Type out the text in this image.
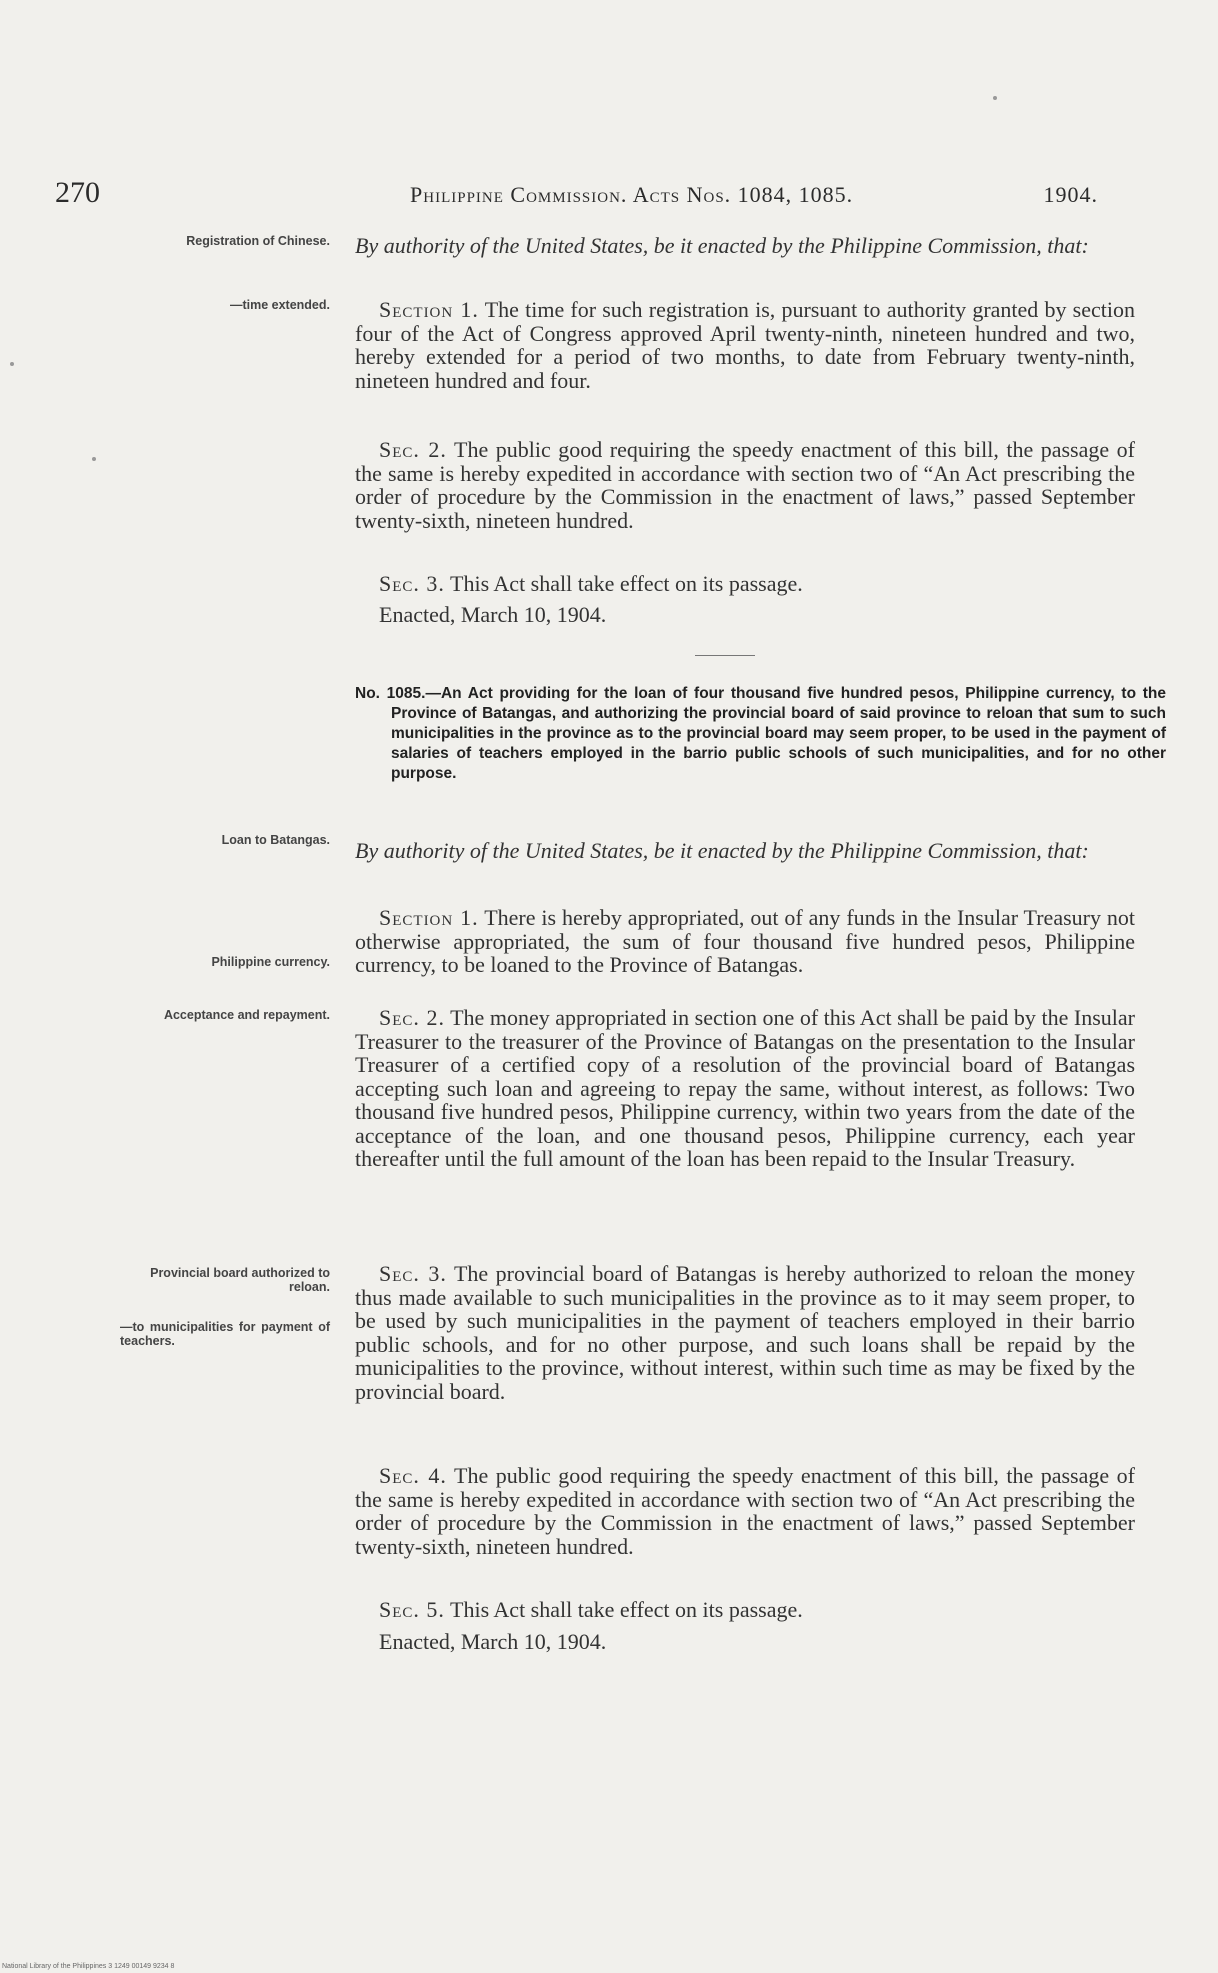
270	Philippine Commission. Acts Nos. 1084, 1085.	1904.
Registration of Chinese.
—time extended.
Loan to Batangas.
Philippine currency.
Acceptance and repayment.
Provincial board authorized to reloan.
—to municipalities for payment of teachers.
By authority of the United States, be it enacted by the Philippine Commission, that:
Section 1. The time for such registration is, pursuant to authority granted by section four of the Act of Congress approved April twenty-ninth, nineteen hundred and two, hereby extended for a period of two months, to date from February twenty-ninth, nineteen hundred and four.
Sec. 2. The public good requiring the speedy enactment of this bill, the passage of the same is hereby expedited in accordance with section two of “An Act prescribing the order of procedure by the Commission in the enactment of laws,” passed September twenty-sixth, nineteen hundred.
Sec. 3. This Act shall take effect on its passage.
Enacted, March 10, 1904.
No. 1085.—An Act providing for the loan of four thousand five hundred pesos, Philippine currency, to the Province of Batangas, and authorizing the provincial board of said province to reloan that sum to such municipalities in the province as to the provincial board may seem proper, to be used in the payment of salaries of teachers employed in the barrio public schools of such municipalities, and for no other purpose.
By authority of the United States, be it enacted by the Philippine Commission, that:
Section 1. There is hereby appropriated, out of any funds in the Insular Treasury not otherwise appropriated, the sum of four thousand five hundred pesos, Philippine currency, to be loaned to the Province of Batangas.
Sec. 2. The money appropriated in section one of this Act shall be paid by the Insular Treasurer to the treasurer of the Province of Batangas on the presentation to the Insular Treasurer of a certified copy of a resolution of the provincial board of Batangas accepting such loan and agreeing to repay the same, without interest, as follows: Two thousand five hundred pesos, Philippine currency, within two years from the date of the acceptance of the loan, and one thousand pesos, Philippine currency, each year thereafter until the full amount of the loan has been repaid to the Insular Treasury.
Sec. 3. The provincial board of Batangas is hereby authorized to reloan the money thus made available to such municipalities in the province as to it may seem proper, to be used by such municipalities in the payment of teachers employed in their barrio public schools, and for no other purpose, and such loans shall be repaid by the municipalities to the province, without interest, within such time as may be fixed by the provincial board.
Sec. 4. The public good requiring the speedy enactment of this bill, the passage of the same is hereby expedited in accordance with section two of “An Act prescribing the order of procedure by the Commission in the enactment of laws,” passed September twenty-sixth, nineteen hundred.
Sec. 5. This Act shall take effect on its passage.
Enacted, March 10, 1904.
National Library of the Philippines 3 1249 00149 9234 8
